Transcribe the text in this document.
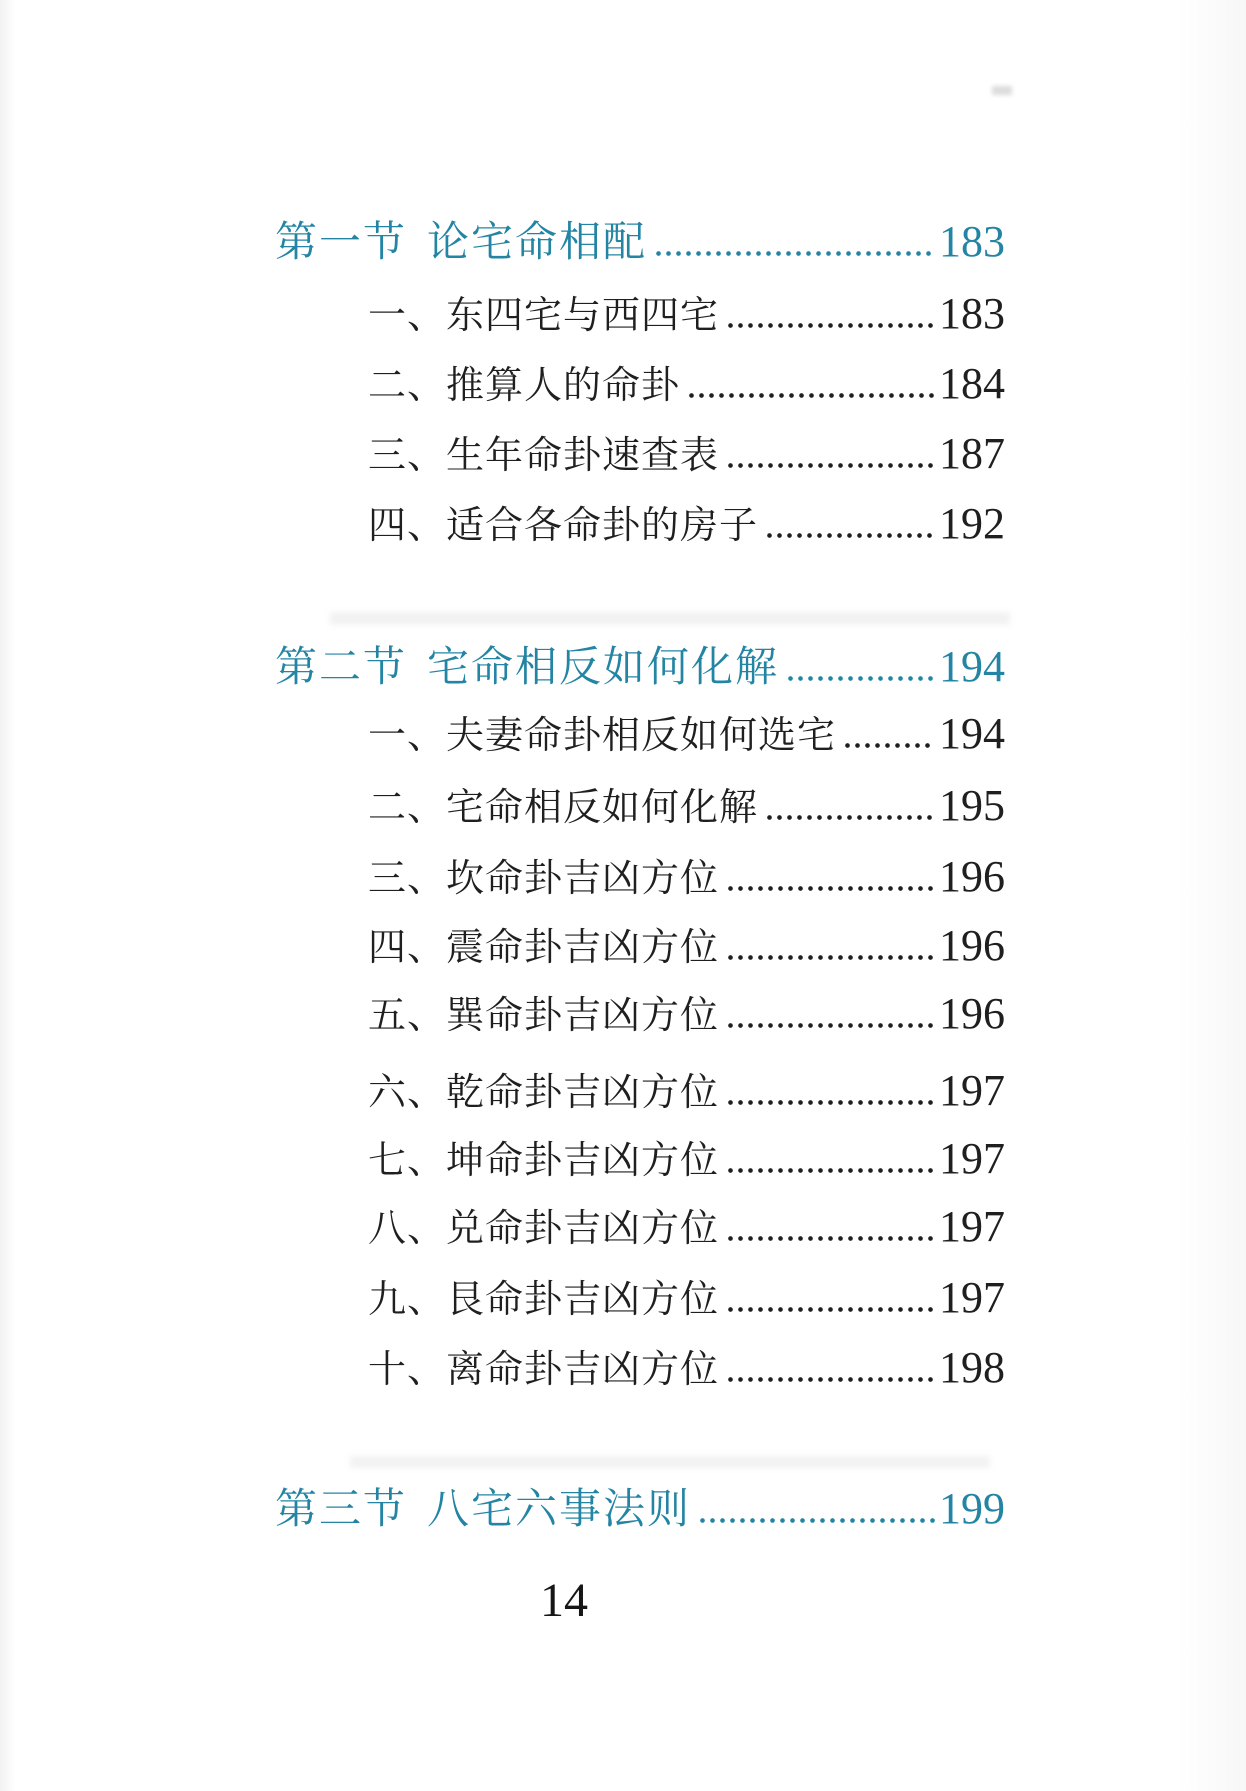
第一节 论宅命相配	183
一、东四宅与西四宅	183
二、推算人的命卦	184
三、生年命卦速查表	187
四、适合各命卦的房子	192
第二节 宅命相反如何化解	194
一、夫妻命卦相反如何选宅 194
二、宅命相反如何化解	195
三、坎命卦吉凶方位	196
四、震命卦吉凶方位	196
五、巽命卦吉凶方位	196
六、乾命卦吉凶方位	197
七、坤命卦吉凶方位	197
八、兑命卦吉凶方位	197
九、艮命卦吉凶方位	197
十、离命卦吉凶方位	198
第三节 八宅六事法则	199
14
